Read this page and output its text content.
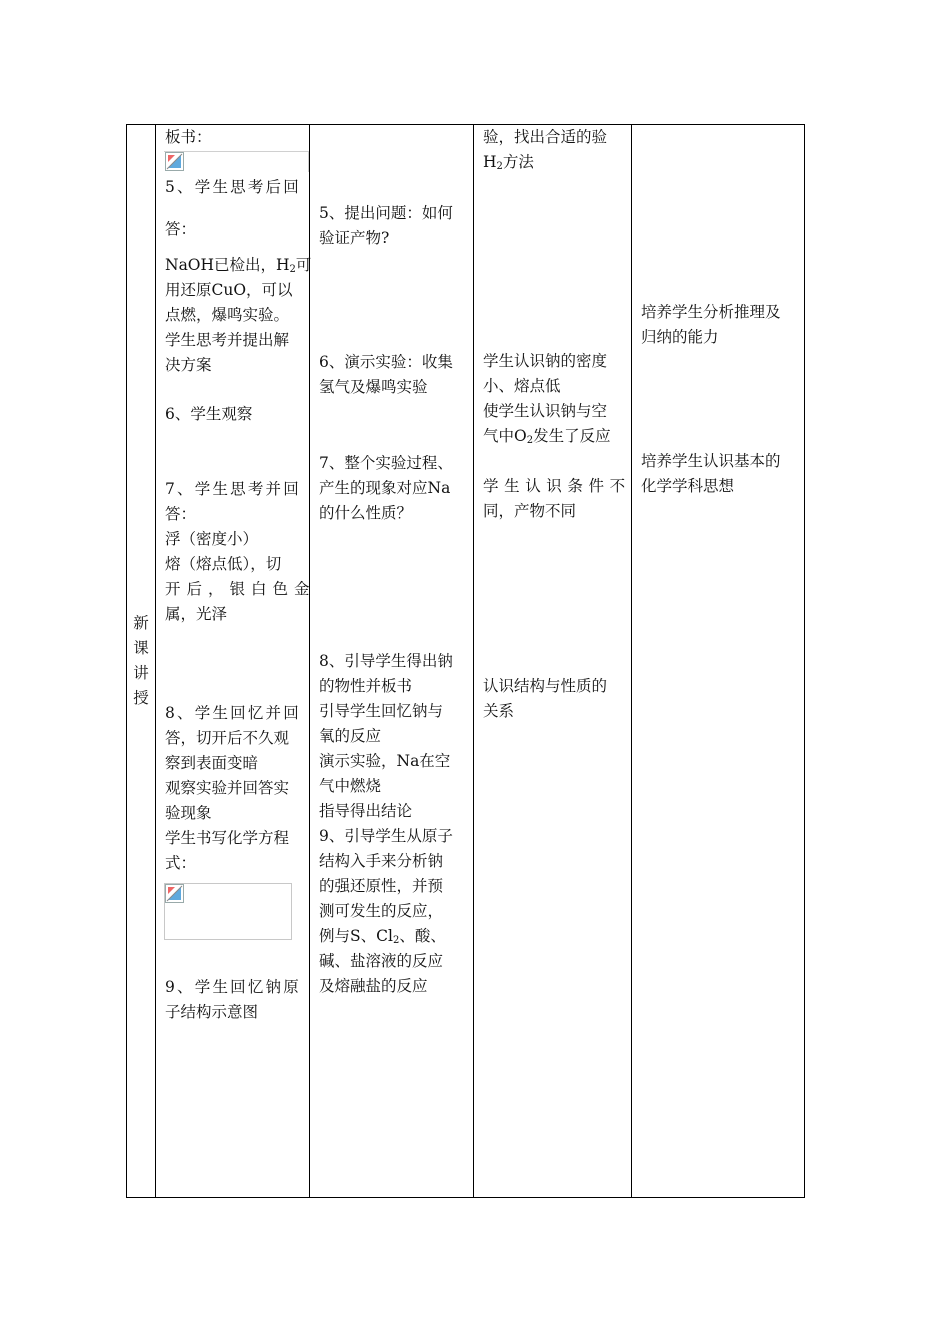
新
课
讲
授
板书：
5、学生思考后回
答：
NaOH已检出，$H_2$可
用还原CuO，可以
点燃，爆鸣实验。
学生思考并提出解
决方案
6、学生观察
7、学生思考并回
答：
浮（密度小）
熔（熔点低），切
开后，银白色金
属，光泽
8、学生回忆并回
答，切开后不久观
察到表面变暗
观察实验并回答实
验现象
学生书写化学方程
式：
9、学生回忆钠原
子结构示意图
5、提出问题：如何
验证产物?
6、演示实验：收集
氢气及爆鸣实验
7、整个实验过程、
产生的现象对应Na
的什么性质？
8、引导学生得出钠
的物性并板书
引导学生回忆钠与
氧的反应
演示实验，Na在空
气中燃烧
指导得出结论
9、引导学生从原子
结构入手来分析钠
的强还原性，并预
测可发生的反应，
例与S、$Cl_2$、酸、
碱、盐溶液的反应
及熔融盐的反应
验，找出合适的验
$H_2$方法
学生认识钠的密度
小、熔点低
使学生认识钠与空
气中$O_2$发生了反应
学生认识条件不
同，产物不同
认识结构与性质的
关系
培养学生分析推理及
归纳的能力
培养学生认识基本的
化学学科思想
